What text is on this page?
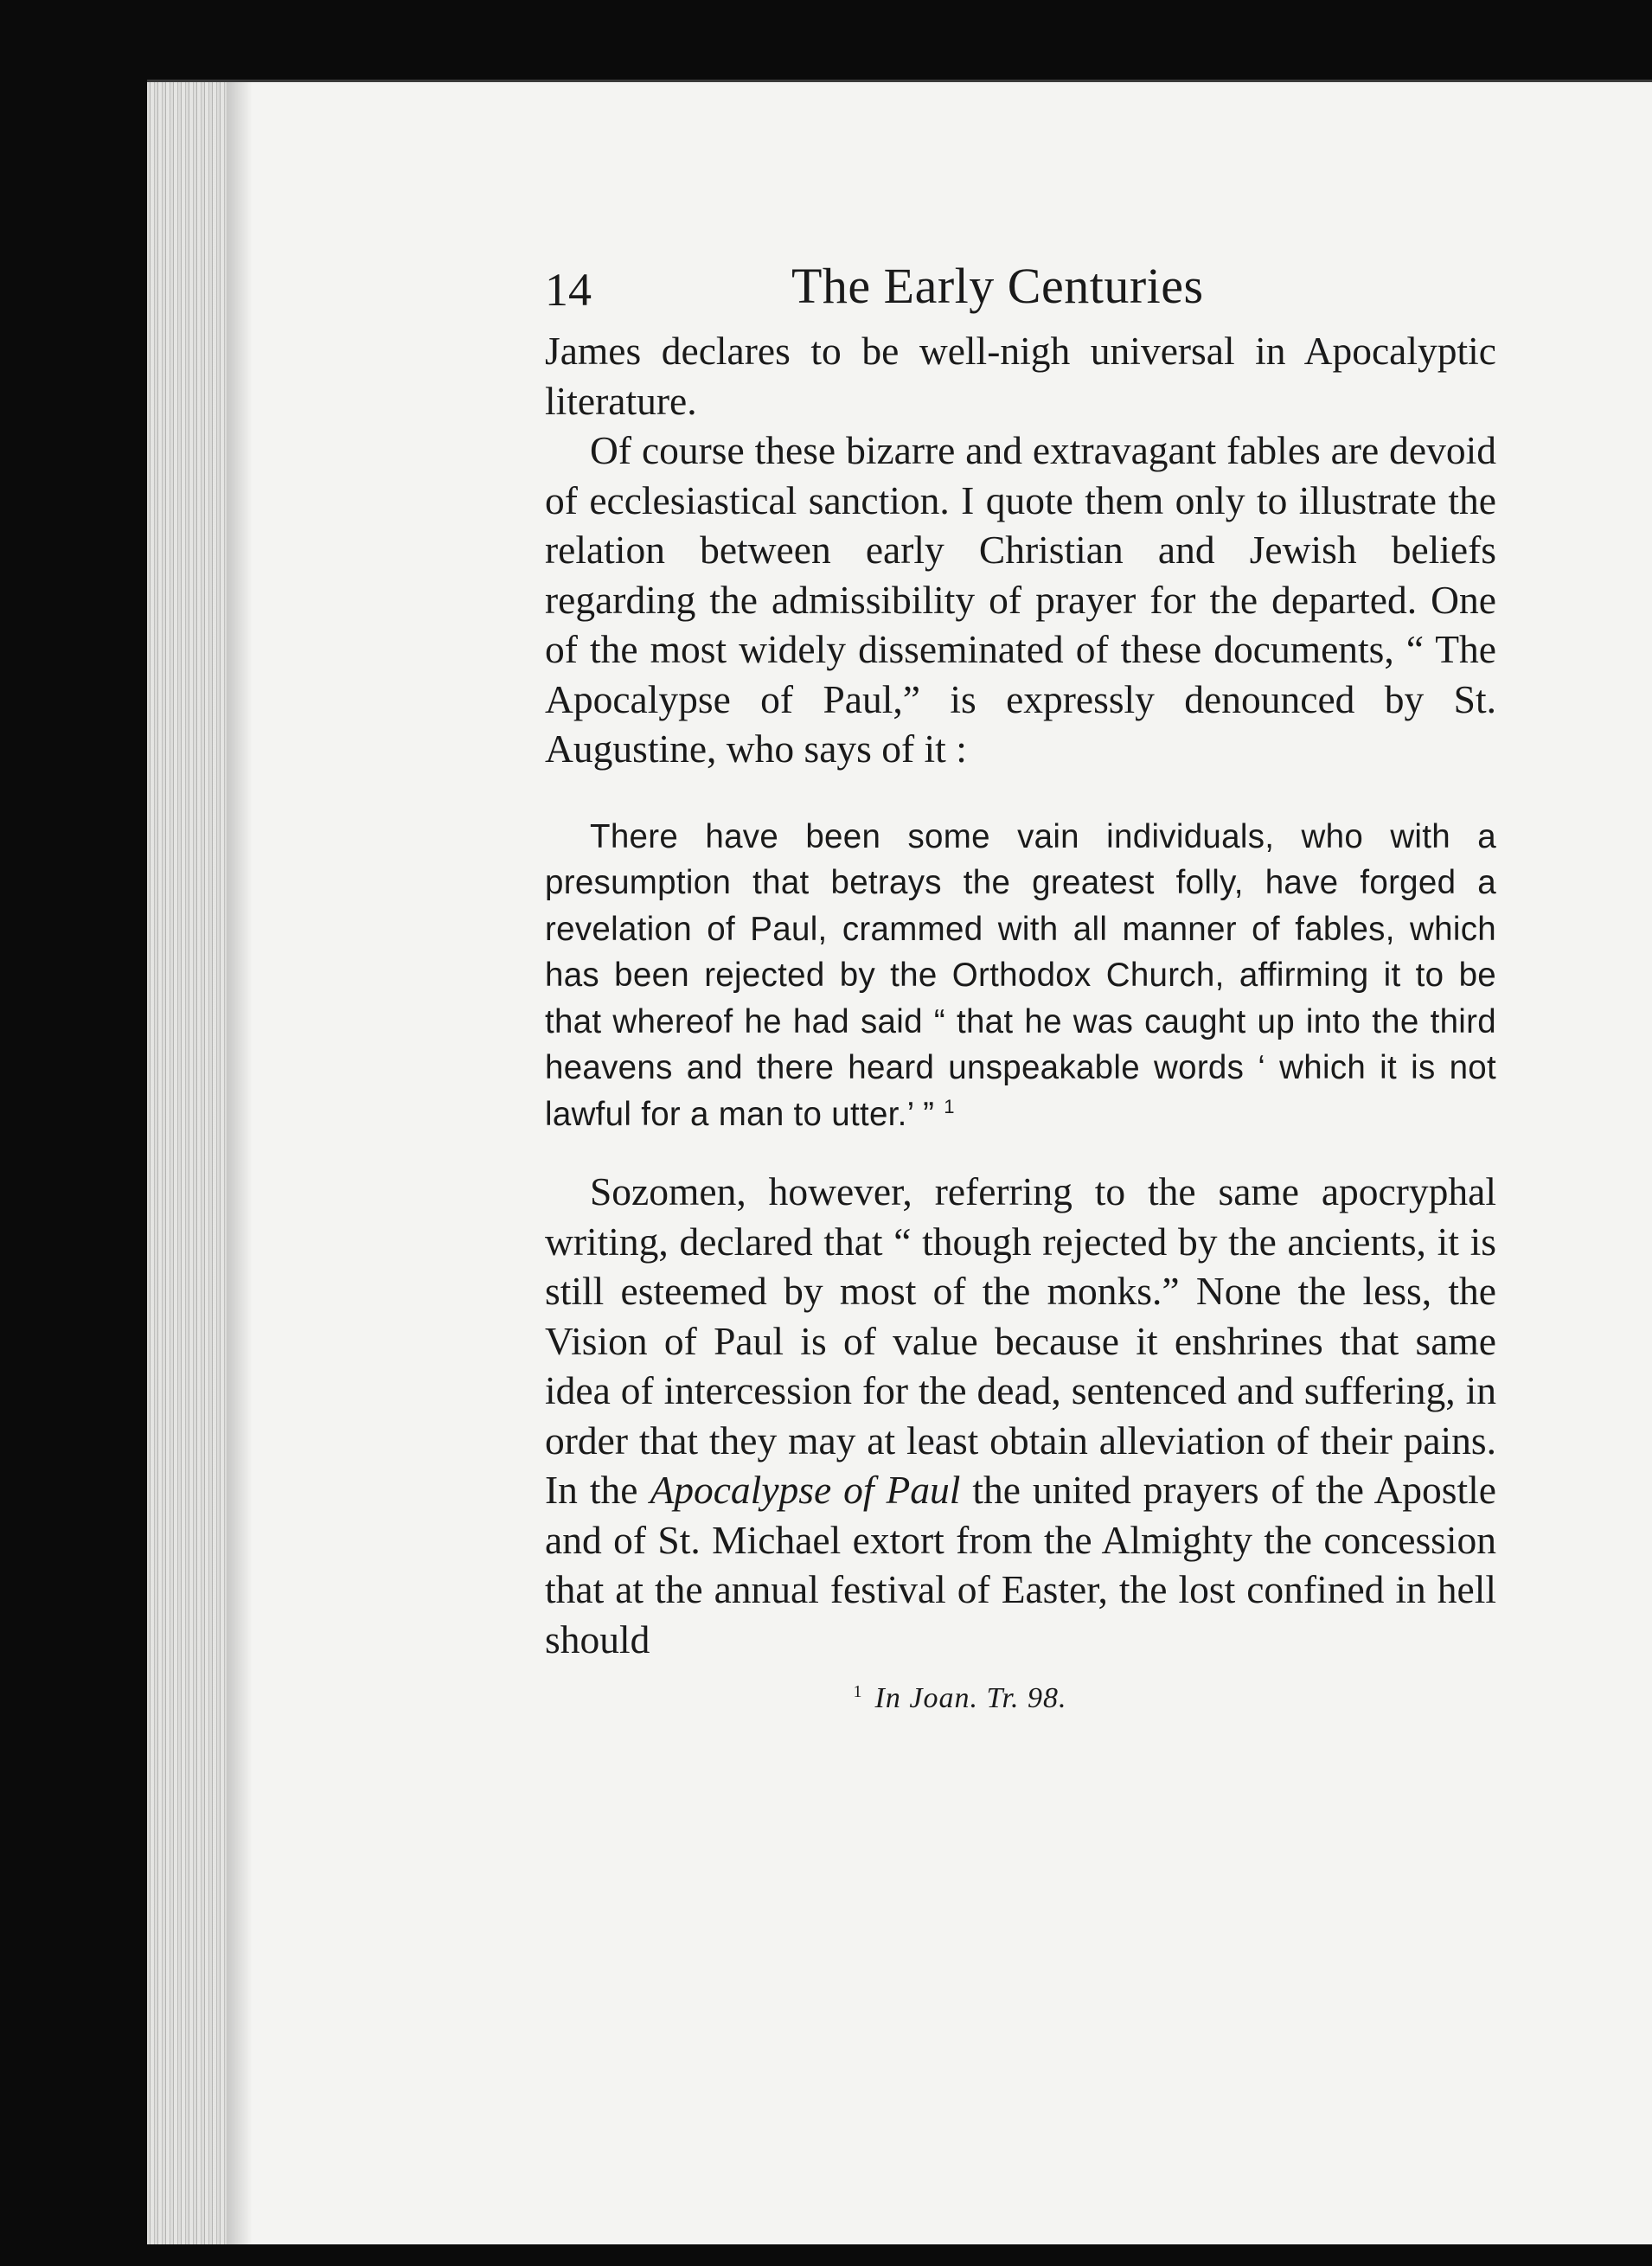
14	The Early Centuries

James declares to be well-nigh universal in Apocalyptic literature.

Of course these bizarre and extravagant fables are devoid of ecclesiastical sanction. I quote them only to illustrate the relation between early Christian and Jewish beliefs regarding the admissibility of prayer for the departed. One of the most widely disseminated of these documents, “ The Apocalypse of Paul,” is expressly denounced by St. Augustine, who says of it :

There have been some vain individuals, who with a presumption that betrays the greatest folly, have forged a revelation of Paul, crammed with all manner of fables, which has been rejected by the Orthodox Church, affirming it to be that whereof he had said “ that he was caught up into the third heavens and there heard unspeakable words ‘ which it is not lawful for a man to utter.’ ” $^1$

Sozomen, however, referring to the same apocryphal writing, declared that “ though rejected by the ancients, it is still esteemed by most of the monks.” None the less, the Vision of Paul is of value because it enshrines that same idea of intercession for the dead, sentenced and suffering, in order that they may at least obtain alleviation of their pains. In the Apocalypse of Paul the united prayers of the Apostle and of St. Michael extort from the Almighty the concession that at the annual festival of Easter, the lost confined in hell should

$^1$ In Joan. Tr. 98.
